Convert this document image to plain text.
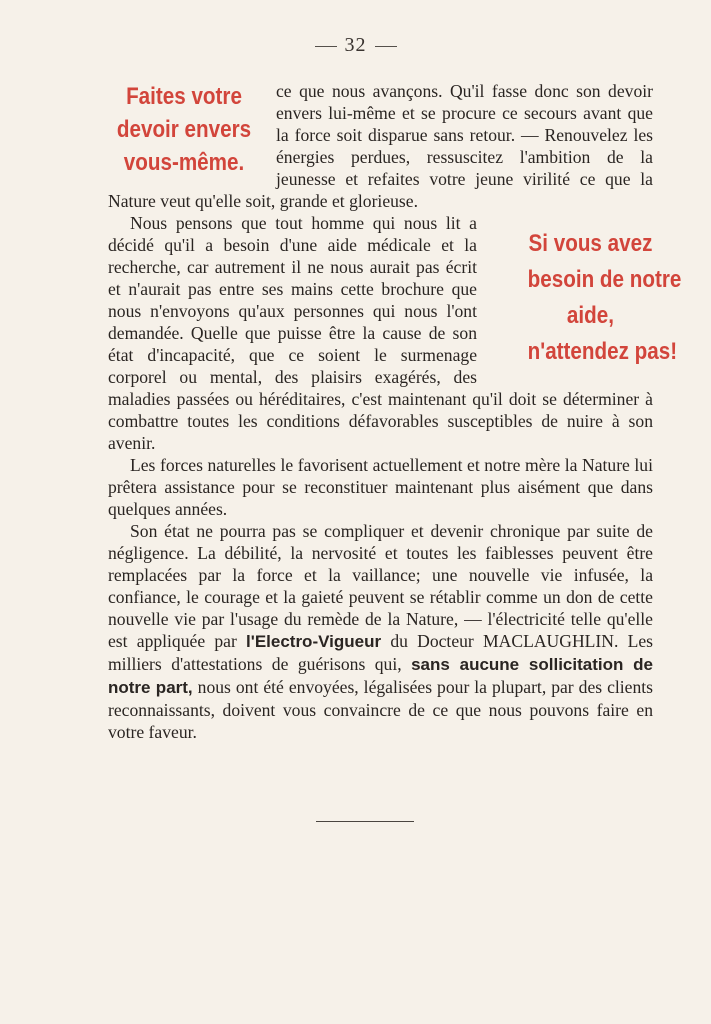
32
Faites votre
devoir envers
vous-même.

ce que nous avançons. Qu'il fasse donc son devoir envers lui-même et se procure ce secours avant que la force soit disparue sans retour. — Renouvelez les énergies perdues, ressuscitez l'ambition de la jeunesse et refaites votre jeune virilité ce que la Nature veut qu'elle soit, grande et glorieuse.

Si vous avez
besoin de notre
aide,
n'attendez pas!
Nous pensons que tout homme qui nous lit a décidé qu'il a besoin d'une aide médicale et la recherche, car autrement il ne nous aurait pas écrit et n'aurait pas entre ses mains cette brochure que nous n'envoyons qu'aux personnes qui nous l'ont demandée. Quelle que puisse être la cause de son état d'incapacité, que ce soient le surmenage corporel ou mental, des plaisirs exagérés, des maladies passées ou héréditaires, c'est maintenant qu'il doit se déterminer à combattre toutes les conditions défavorables susceptibles de nuire à son avenir.

Les forces naturelles le favorisent actuellement et notre mère la Nature lui prêtera assistance pour se reconstituer maintenant plus aisément que dans quelques années.

Son état ne pourra pas se compliquer et devenir chronique par suite de négligence. La débilité, la nervosité et toutes les faiblesses peuvent être remplacées par la force et la vaillance; une nouvelle vie infusée, la confiance, le courage et la gaieté peuvent se rétablir comme un don de cette nouvelle vie par l'usage du remède de la Nature, — l'électricité telle qu'elle est appliquée par l'Electro-Vigueur du Docteur MACLAUGHLIN. Les milliers d'attestations de guérisons qui, sans aucune sollicitation de notre part, nous ont été envoyées, légalisées pour la plupart, par des clients reconnaissants, doivent vous convaincre de ce que nous pouvons faire en votre faveur.
